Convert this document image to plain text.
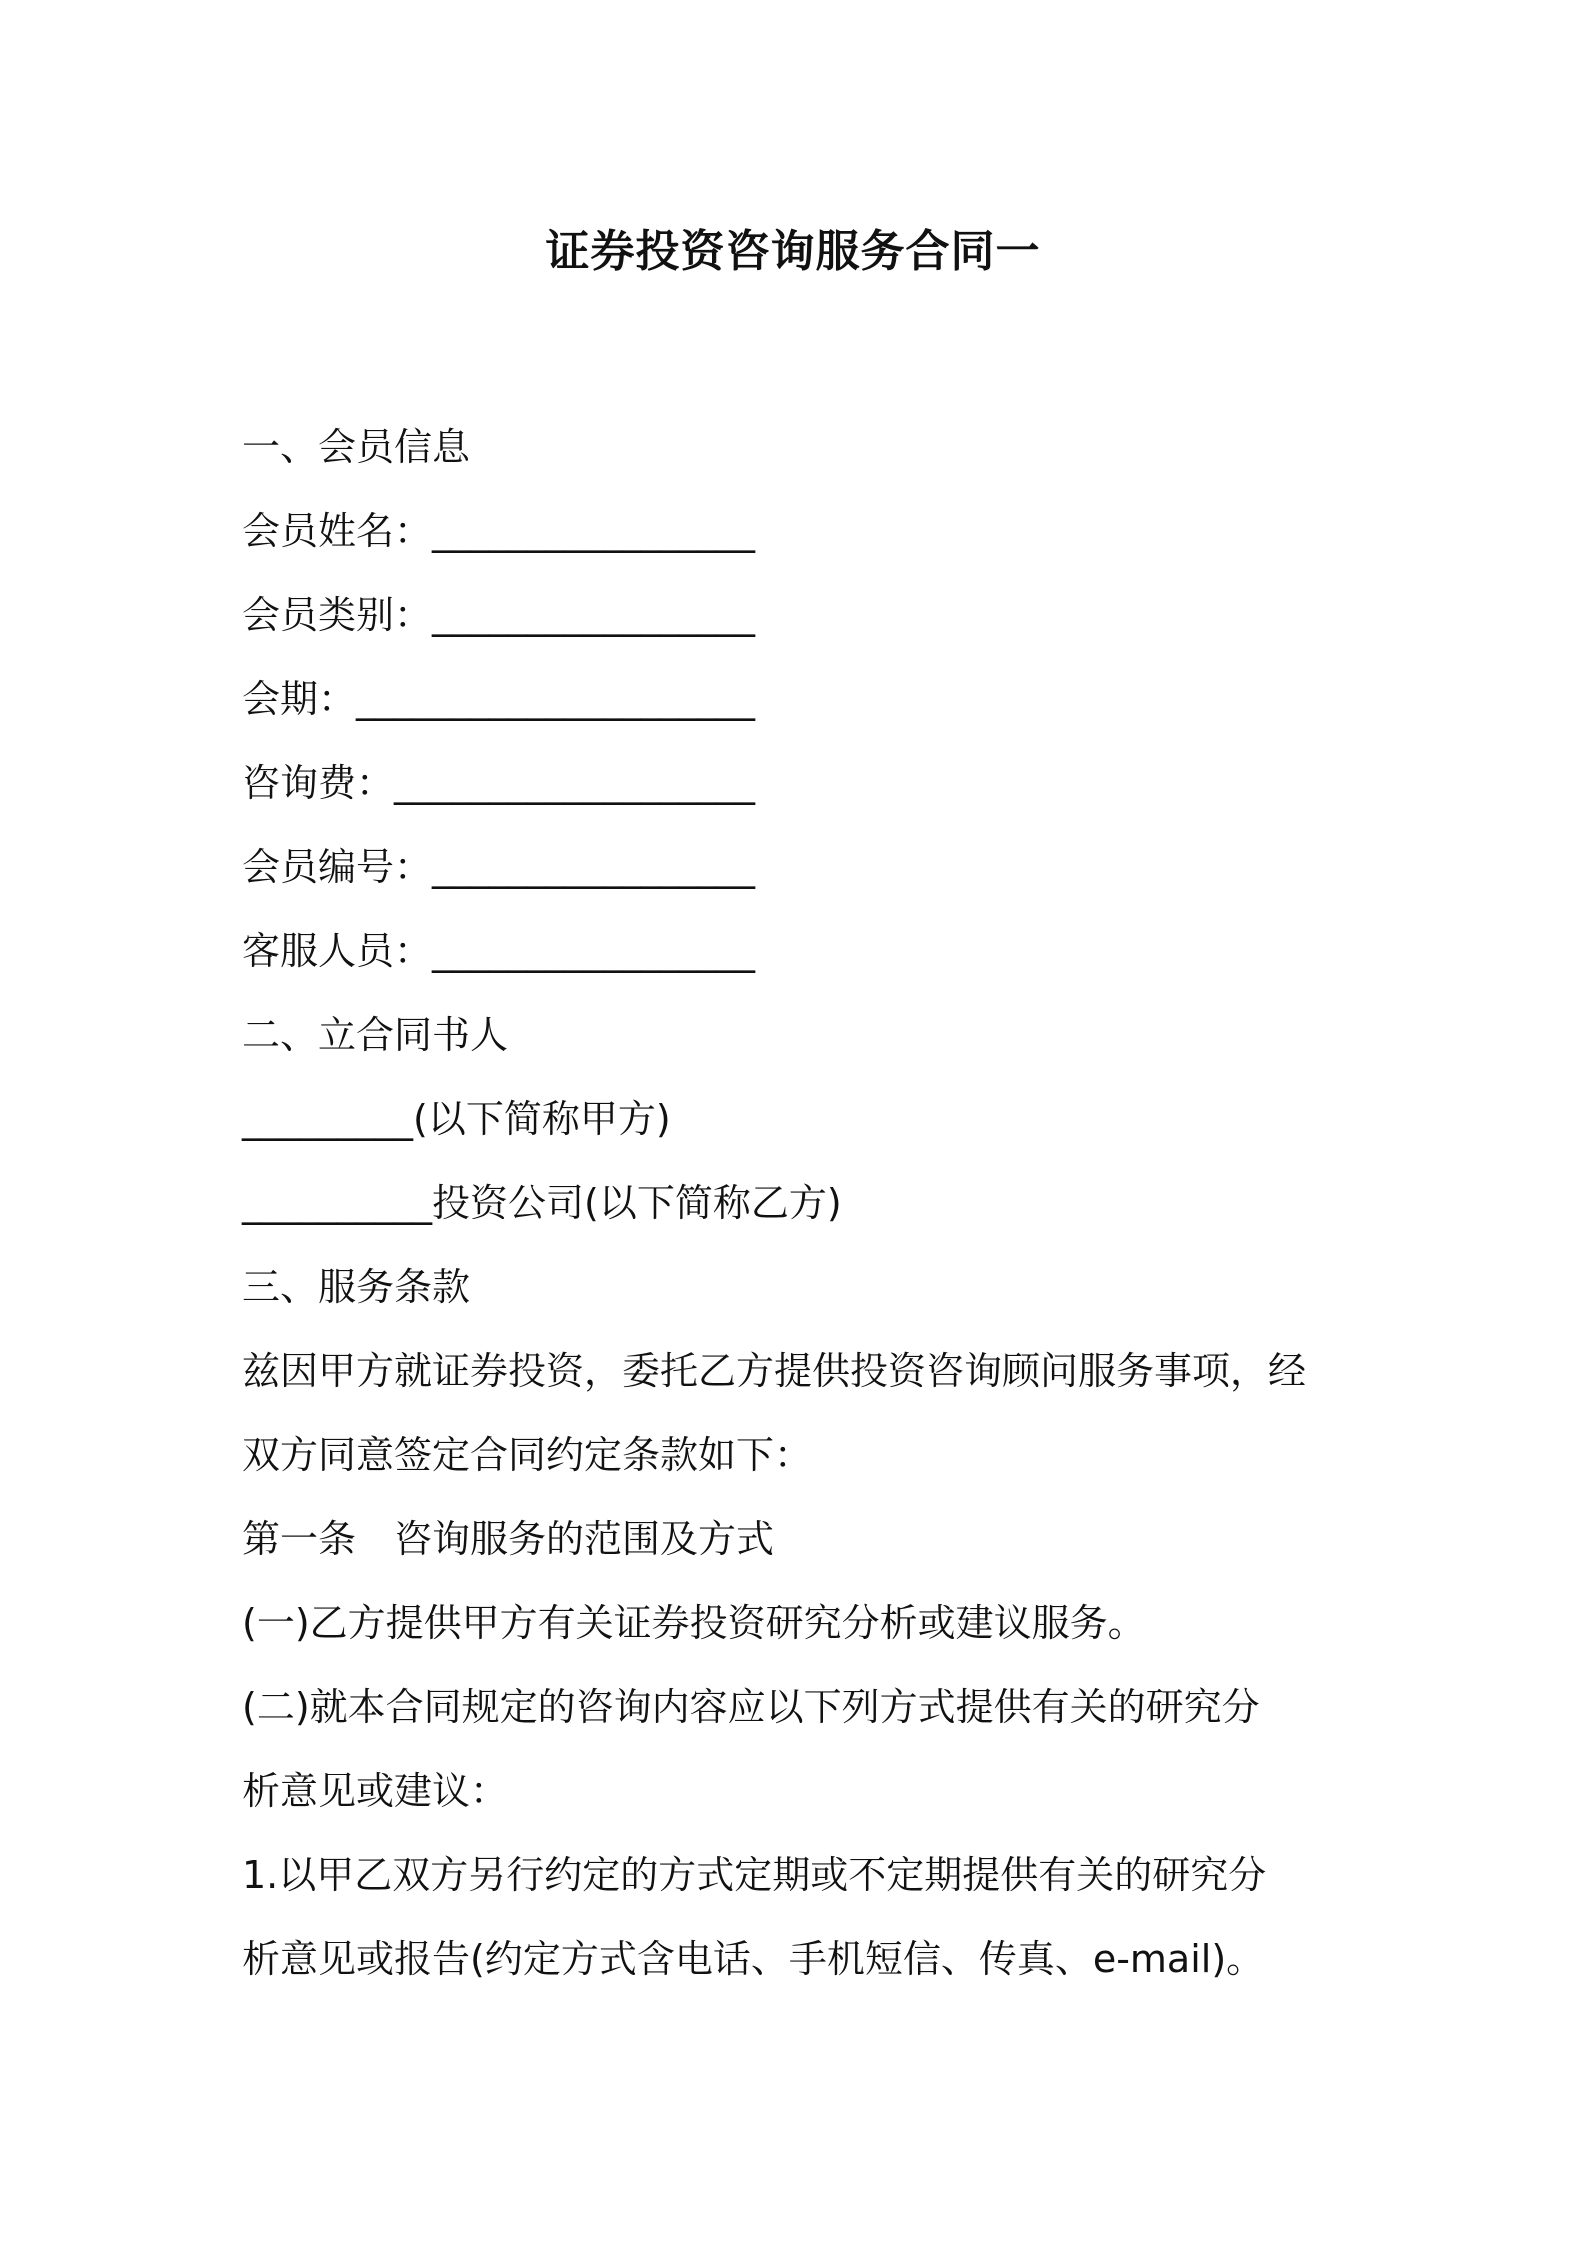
证券投资咨询服务合同一
一、会员信息
会员姓名：_________________
会员类别：_________________
会期：_____________________
咨询费：___________________
会员编号：_________________
客服人员：_________________
二、立合同书人
_________(以下简称甲方)
__________投资公司(以下简称乙方)
三、服务条款
兹因甲方就证券投资，委托乙方提供投资咨询顾问服务事项，经
双方同意签定合同约定条款如下：
第一条　咨询服务的范围及方式
(一)乙方提供甲方有关证券投资研究分析或建议服务。
(二)就本合同规定的咨询内容应以下列方式提供有关的研究分
析意见或建议：
1.以甲乙双方另行约定的方式定期或不定期提供有关的研究分
析意见或报告(约定方式含电话、手机短信、传真、e-mail)。
